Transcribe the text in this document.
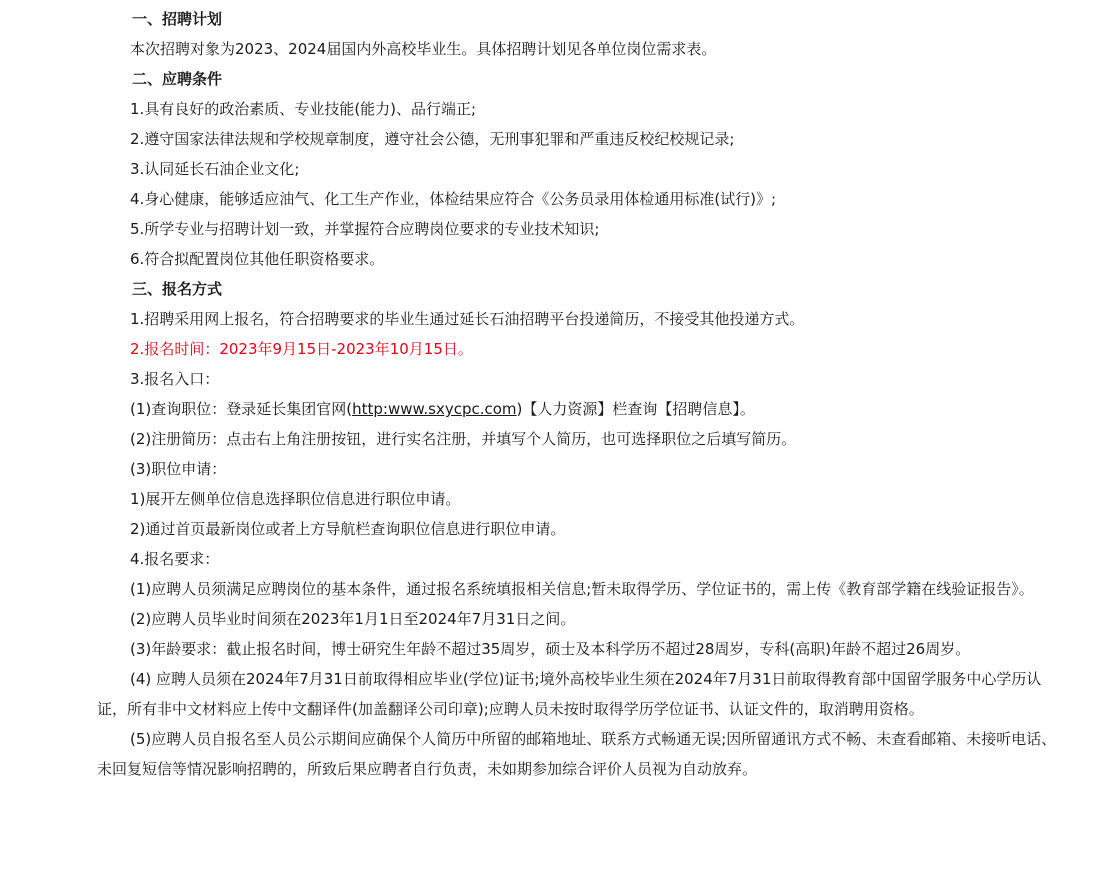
一、招聘计划
本次招聘对象为2023、2024届国内外高校毕业生。具体招聘计划见各单位岗位需求表。
二、应聘条件
1.具有良好的政治素质、专业技能(能力)、品行端正;
2.遵守国家法律法规和学校规章制度，遵守社会公德，无刑事犯罪和严重违反校纪校规记录;
3.认同延长石油企业文化;
4.身心健康，能够适应油气、化工生产作业，体检结果应符合《公务员录用体检通用标准(试行)》;
5.所学专业与招聘计划一致，并掌握符合应聘岗位要求的专业技术知识;
6.符合拟配置岗位其他任职资格要求。
三、报名方式
1.招聘采用网上报名，符合招聘要求的毕业生通过延长石油招聘平台投递简历，不接受其他投递方式。
2.报名时间：2023年9月15日-2023年10月15日。
3.报名入口：
(1)查询职位：登录延长集团官网(http:www.sxycpc.com)【人力资源】栏查询【招聘信息】。
(2)注册简历：点击右上角注册按钮，进行实名注册，并填写个人简历，也可选择职位之后填写简历。
(3)职位申请：
1)展开左侧单位信息选择职位信息进行职位申请。
2)通过首页最新岗位或者上方导航栏查询职位信息进行职位申请。
4.报名要求：
(1)应聘人员须满足应聘岗位的基本条件，通过报名系统填报相关信息;暂未取得学历、学位证书的，需上传《教育部学籍在线验证报告》。
(2)应聘人员毕业时间须在2023年1月1日至2024年7月31日之间。
(3)年龄要求：截止报名时间，博士研究生年龄不超过35周岁，硕士及本科学历不超过28周岁，专科(高职)年龄不超过26周岁。
(4) 应聘人员须在2024年7月31日前取得相应毕业(学位)证书;境外高校毕业生须在2024年7月31日前取得教育部中国留学服务中心学历认证，所有非中文材料应上传中文翻译件(加盖翻译公司印章);应聘人员未按时取得学历学位证书、认证文件的，取消聘用资格。
(5)应聘人员自报名至人员公示期间应确保个人简历中所留的邮箱地址、联系方式畅通无误;因所留通讯方式不畅、未查看邮箱、未接听电话、未回复短信等情况影响招聘的，所致后果应聘者自行负责，未如期参加综合评价人员视为自动放弃。
